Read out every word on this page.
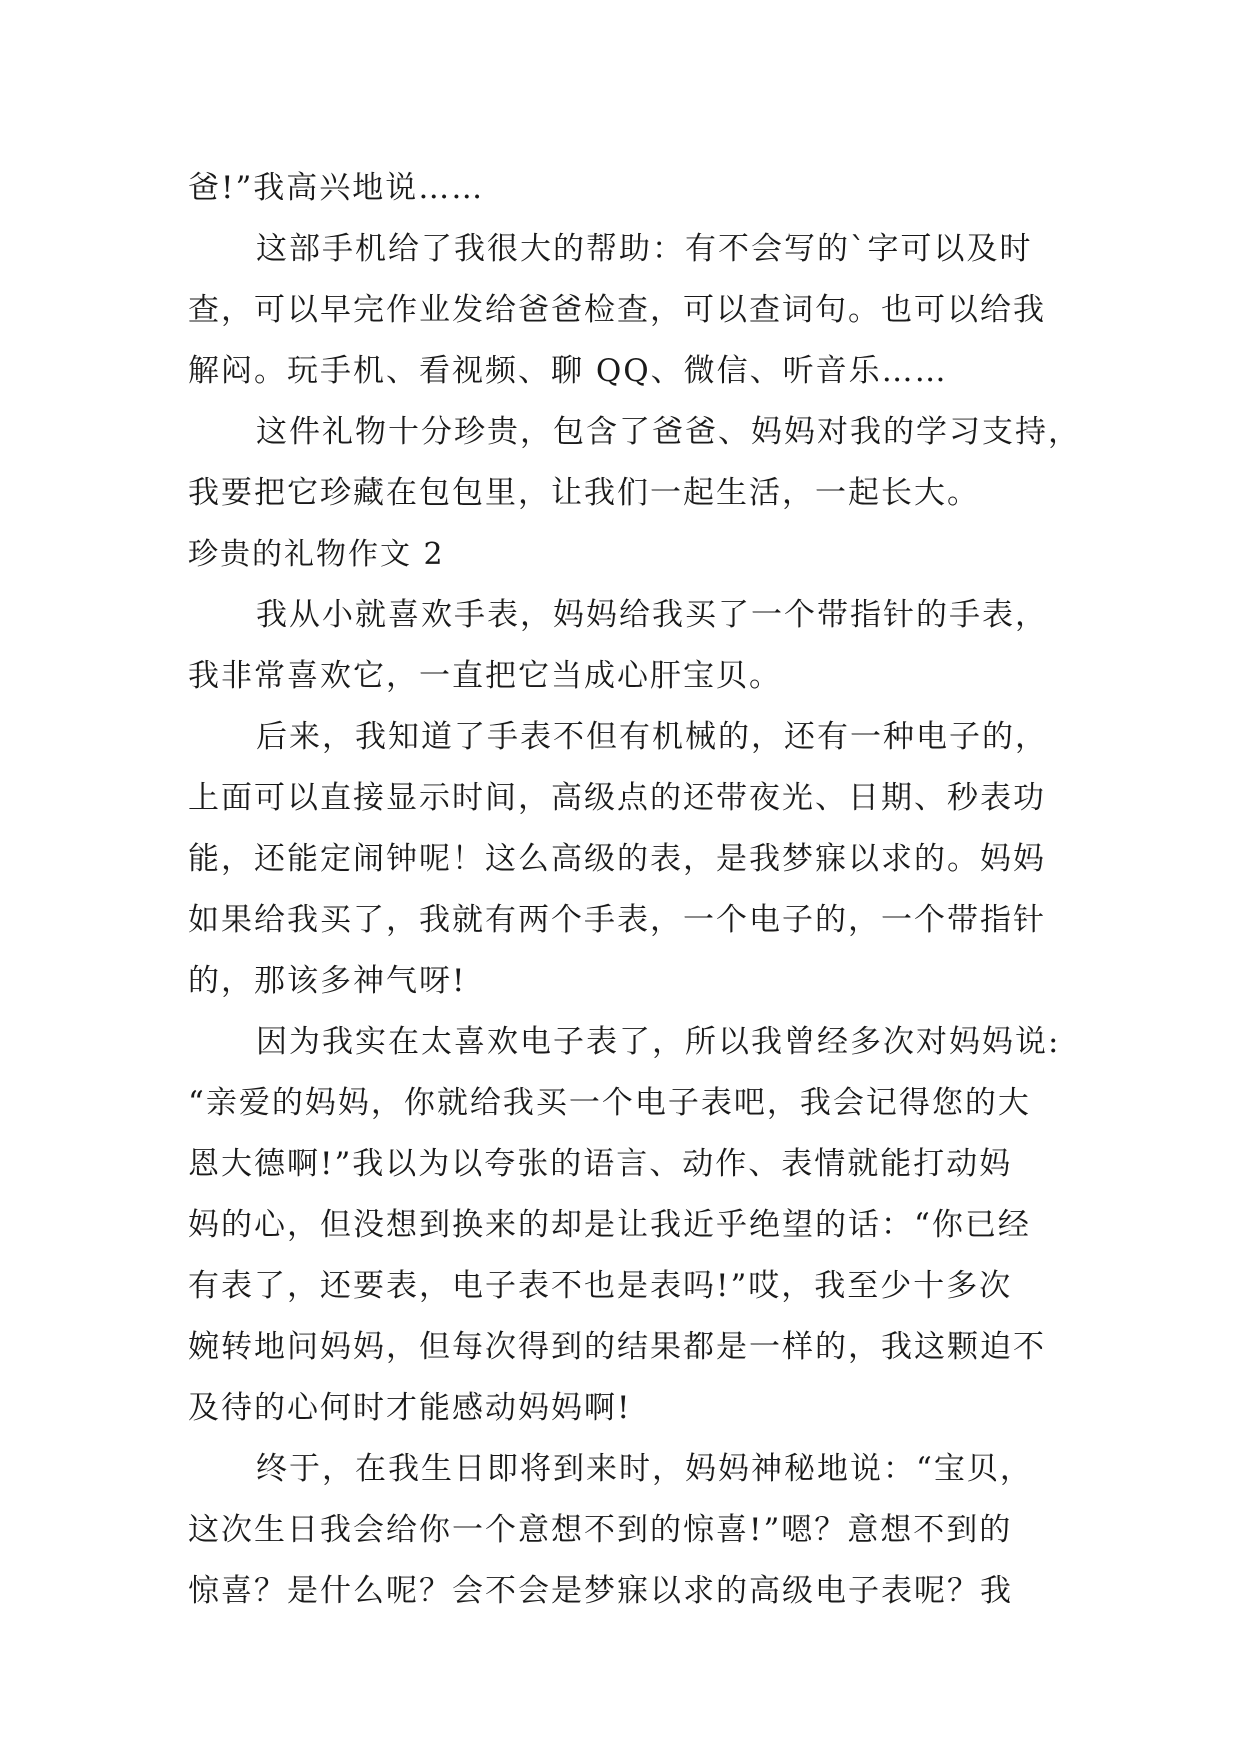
爸!”我高兴地说……
这部手机给了我很大的帮助：有不会写的`字可以及时
查，可以早完作业发给爸爸检查，可以查词句。也可以给我
解闷。玩手机、看视频、聊 QQ、微信、听音乐……
这件礼物十分珍贵，包含了爸爸、妈妈对我的学习支持，
我要把它珍藏在包包里，让我们一起生活，一起长大。
珍贵的礼物作文 2
我从小就喜欢手表，妈妈给我买了一个带指针的手表，
我非常喜欢它，一直把它当成心肝宝贝。
后来，我知道了手表不但有机械的，还有一种电子的，
上面可以直接显示时间，高级点的还带夜光、日期、秒表功
能，还能定闹钟呢！这么高级的表，是我梦寐以求的。妈妈
如果给我买了，我就有两个手表，一个电子的，一个带指针
的，那该多神气呀!
因为我实在太喜欢电子表了，所以我曾经多次对妈妈说:
“亲爱的妈妈，你就给我买一个电子表吧，我会记得您的大
恩大德啊!”我以为以夸张的语言、动作、表情就能打动妈
妈的心，但没想到换来的却是让我近乎绝望的话：“你已经
有表了，还要表，电子表不也是表吗!”哎，我至少十多次
婉转地问妈妈，但每次得到的结果都是一样的，我这颗迫不
及待的心何时才能感动妈妈啊!
终于，在我生日即将到来时，妈妈神秘地说：“宝贝，
这次生日我会给你一个意想不到的惊喜!”嗯？意想不到的
惊喜？是什么呢？会不会是梦寐以求的高级电子表呢？我
